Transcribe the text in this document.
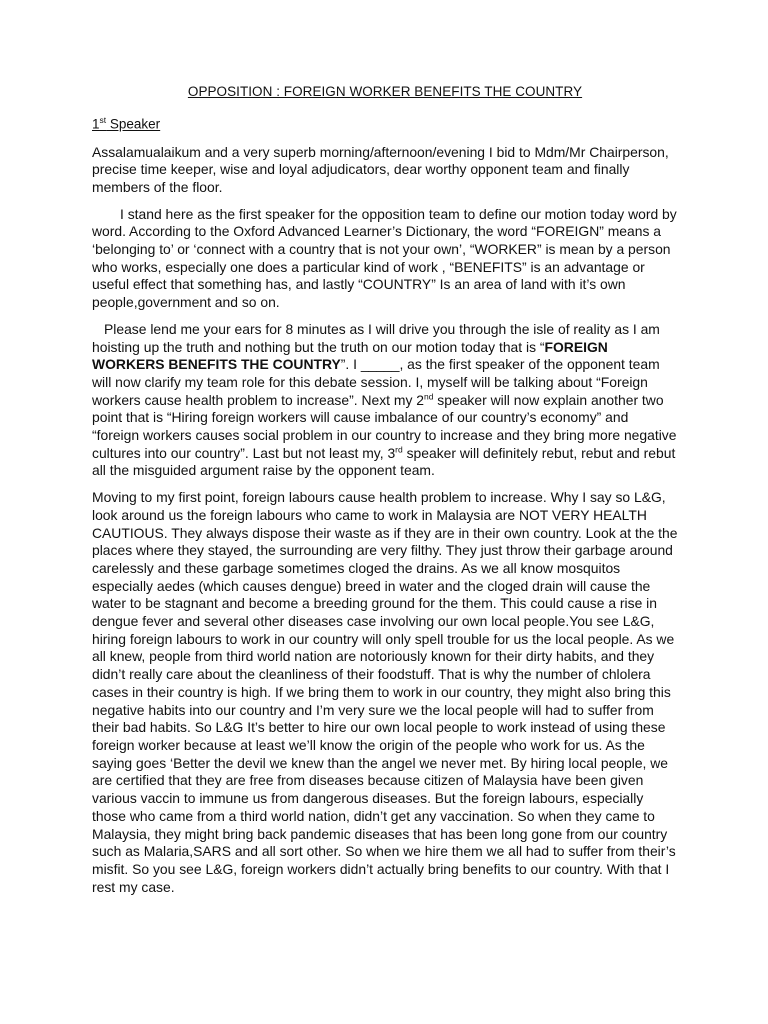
OPPOSITION : FOREIGN WORKER BENEFITS THE COUNTRY
1st Speaker

Assalamualaikum and a very superb morning/afternoon/evening I bid to Mdm/Mr Chairperson, precise time keeper, wise and loyal adjudicators, dear worthy opponent team and finally members of the floor.

I stand here as the first speaker for the opposition team to define our motion today word by word. According to the Oxford Advanced Learner’s Dictionary, the word “FOREIGN” means a ‘belonging to’ or ‘connect with a country that is not your own’, “WORKER” is mean by a person who works, especially one does a particular kind of work , “BENEFITS” is an advantage or useful effect that something has, and lastly “COUNTRY” Is an area of land with it’s own people,government and so on.

Please lend me your ears for 8 minutes as I will drive you through the isle of reality as I am hoisting up the truth and nothing but the truth on our motion today that is “FOREIGN WORKERS BENEFITS THE COUNTRY”. I _____, as the first speaker of the opponent team will now clarify my team role for this debate session. I, myself will be talking about “Foreign workers cause health problem to increase”. Next my 2nd speaker will now explain another two point that is “Hiring foreign workers will cause imbalance of our country’s economy” and “foreign workers causes social problem in our country to increase and they bring more negative cultures into our country”. Last but not least my, 3rd speaker will definitely rebut, rebut and rebut all the misguided argument raise by the opponent team.

Moving to my first point, foreign labours cause health problem to increase. Why I say so L&G, look around us the foreign labours who came to work in Malaysia are NOT VERY HEALTH CAUTIOUS. They always dispose their waste as if they are in their own country. Look at the the places where they stayed, the surrounding are very filthy. They just throw their garbage around carelessly and these garbage sometimes cloged the drains. As we all know mosquitos especially aedes (which causes dengue) breed in water and the cloged drain will cause the water to be stagnant and become a breeding ground for the them. This could cause a rise in dengue fever and several other diseases case involving our own local people.You see L&G, hiring foreign labours to work in our country will only spell trouble for us the local people. As we all knew, people from third world nation are notoriously known for their dirty habits, and they didn’t really care about the cleanliness of their foodstuff. That is why the number of chlolera cases in their country is high. If we bring them to work in our country, they might also bring this negative habits into our country and I’m very sure we the local people will had to suffer from their bad habits. So L&G It’s better to hire our own local people to work instead of using these foreign worker because at least we’ll know the origin of the people who work for us. As the saying goes ‘Better the devil we knew than the angel we never met. By hiring local people, we are certified that they are free from diseases because citizen of Malaysia have been given various vaccin to immune us from dangerous diseases. But the foreign labours, especially those who came from a third world nation, didn’t get any vaccination. So when they came to Malaysia, they might bring back pandemic diseases that has been long gone from our country such as Malaria,SARS and all sort other. So when we hire them we all had to suffer from their’s misfit. So you see L&G, foreign workers didn’t actually bring benefits to our country. With that I rest my case.
